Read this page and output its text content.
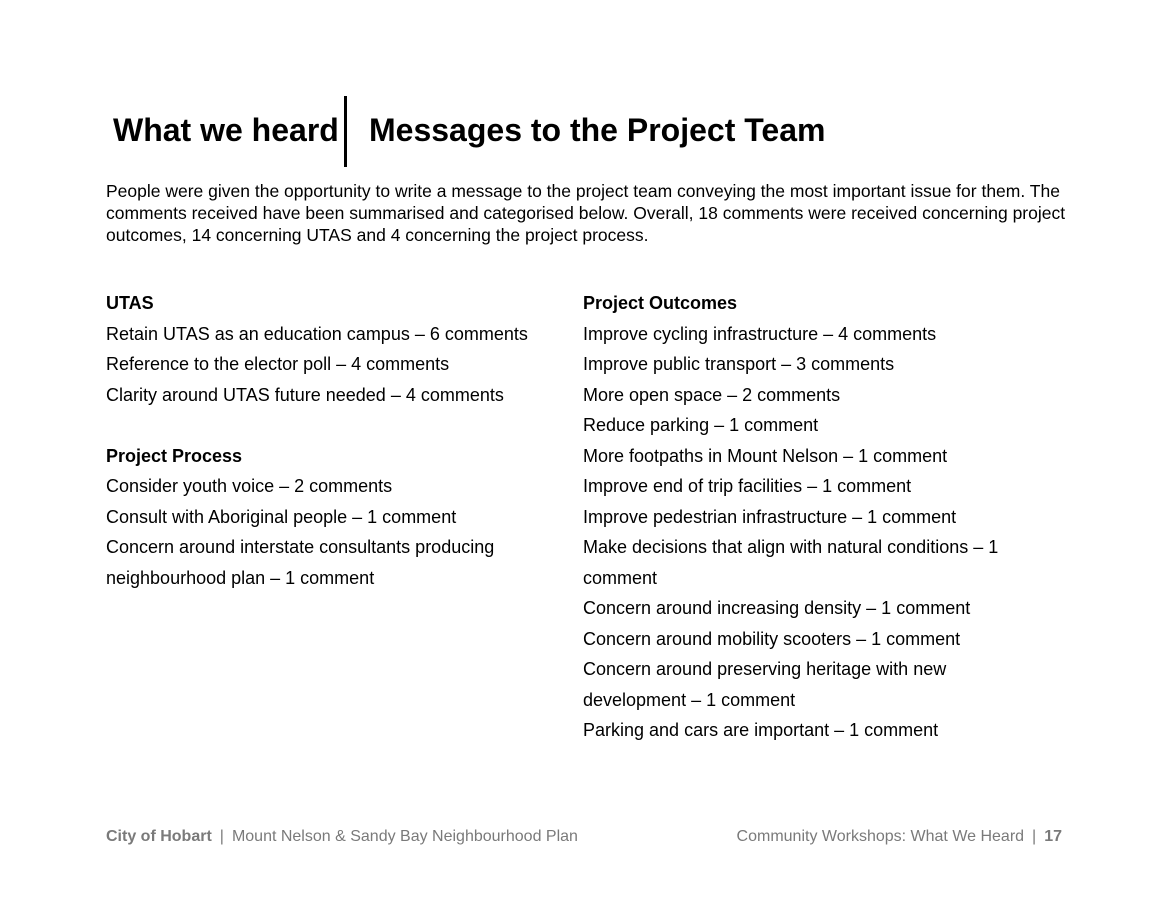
What we heard Messages to the Project Team
People were given the opportunity to write a message to the project team conveying the most important issue for them. The comments received have been summarised and categorised below. Overall, 18 comments were received concerning project outcomes, 14 concerning UTAS and 4 concerning the project process.
UTAS
Retain UTAS as an education campus – 6 comments
Reference to the elector poll – 4 comments
Clarity around UTAS future needed – 4 comments
Project Process
Consider youth voice – 2 comments
Consult with Aboriginal people – 1 comment
Concern around interstate consultants producing neighbourhood plan – 1 comment
Project Outcomes
Improve cycling infrastructure – 4 comments
Improve public transport – 3 comments
More open space – 2 comments
Reduce parking – 1 comment
More footpaths in Mount Nelson – 1 comment
Improve end of trip facilities – 1 comment
Improve pedestrian infrastructure – 1 comment
Make decisions that align with natural conditions – 1 comment
Concern around increasing density – 1 comment
Concern around mobility scooters – 1 comment
Concern around preserving heritage with new development – 1 comment
Parking and cars are important – 1 comment
City of Hobart | Mount Nelson & Sandy Bay Neighbourhood Plan	Community Workshops: What We Heard | 17
